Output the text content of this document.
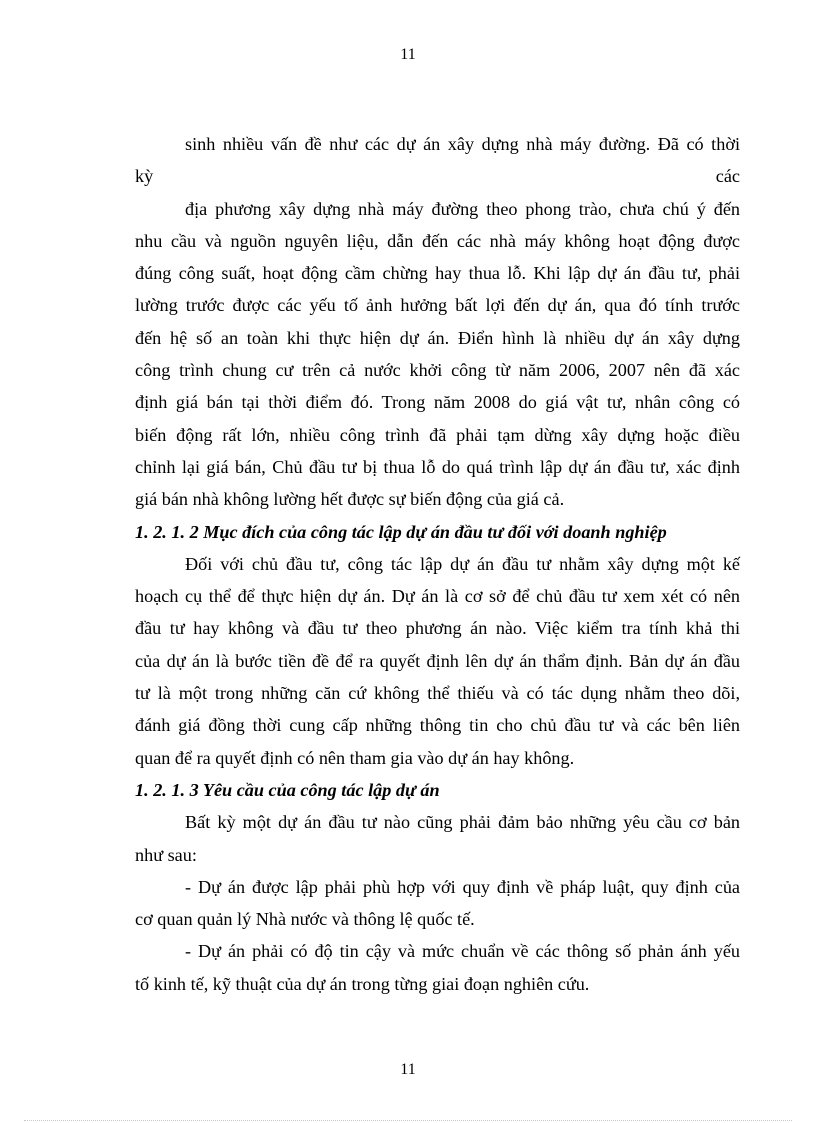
11
sinh nhiều vấn đề như các dự án xây dựng nhà máy đường. Đã có thời
kỳ	các
địa phương xây dựng nhà máy đường theo phong trào, chưa chú ý đến
nhu cầu và nguồn nguyên liệu, dẫn đến các nhà máy không hoạt động được
đúng công suất, hoạt động cầm chừng hay thua lỗ. Khi lập dự án đầu tư, phải
lường trước được các yếu tố ảnh hưởng bất lợi đến dự án, qua đó tính trước
đến hệ số an toàn khi thực hiện dự án. Điển hình là nhiều dự án xây dựng
công trình chung cư trên cả nước khởi công từ năm 2006, 2007 nên đã xác
định giá bán tại thời điểm đó. Trong năm 2008 do giá vật tư, nhân công có
biến động rất lớn, nhiều công trình đã phải tạm dừng xây dựng hoặc điều
chỉnh lại giá bán, Chủ đầu tư bị thua lỗ do quá trình lập dự án đầu tư, xác định
giá bán nhà không lường hết được sự biến động của giá cả.
1. 2. 1. 2 Mục đích của công tác lập dự án đầu tư đối với doanh nghiệp
Đối với chủ đầu tư, công tác lập dự án đầu tư nhằm xây dựng một kế
hoạch cụ thể để thực hiện dự án. Dự án là cơ sở để chủ đầu tư xem xét có nên
đầu tư hay không và đầu tư theo phương án nào. Việc kiểm tra tính khả thi
của dự án là bước tiền đề để ra quyết định lên dự án thẩm định. Bản dự án đầu
tư là một trong những căn cứ không thể thiếu và có tác dụng nhằm theo dõi,
đánh giá đồng thời cung cấp những thông tin cho chủ đầu tư và các bên liên
quan để ra quyết định có nên tham gia vào dự án hay không.
1. 2. 1. 3 Yêu cầu của công tác lập dự án
Bất kỳ một dự án đầu tư nào cũng phải đảm bảo những yêu cầu cơ bản
như sau:
- Dự án được lập phải phù hợp với quy định về pháp luật, quy định của
cơ quan quản lý Nhà nước và thông lệ quốc tế.
- Dự án phải có độ tin cậy và mức chuẩn về các thông số phản ánh yếu
tố kinh tế, kỹ thuật của dự án trong từng giai đoạn nghiên cứu.
11
